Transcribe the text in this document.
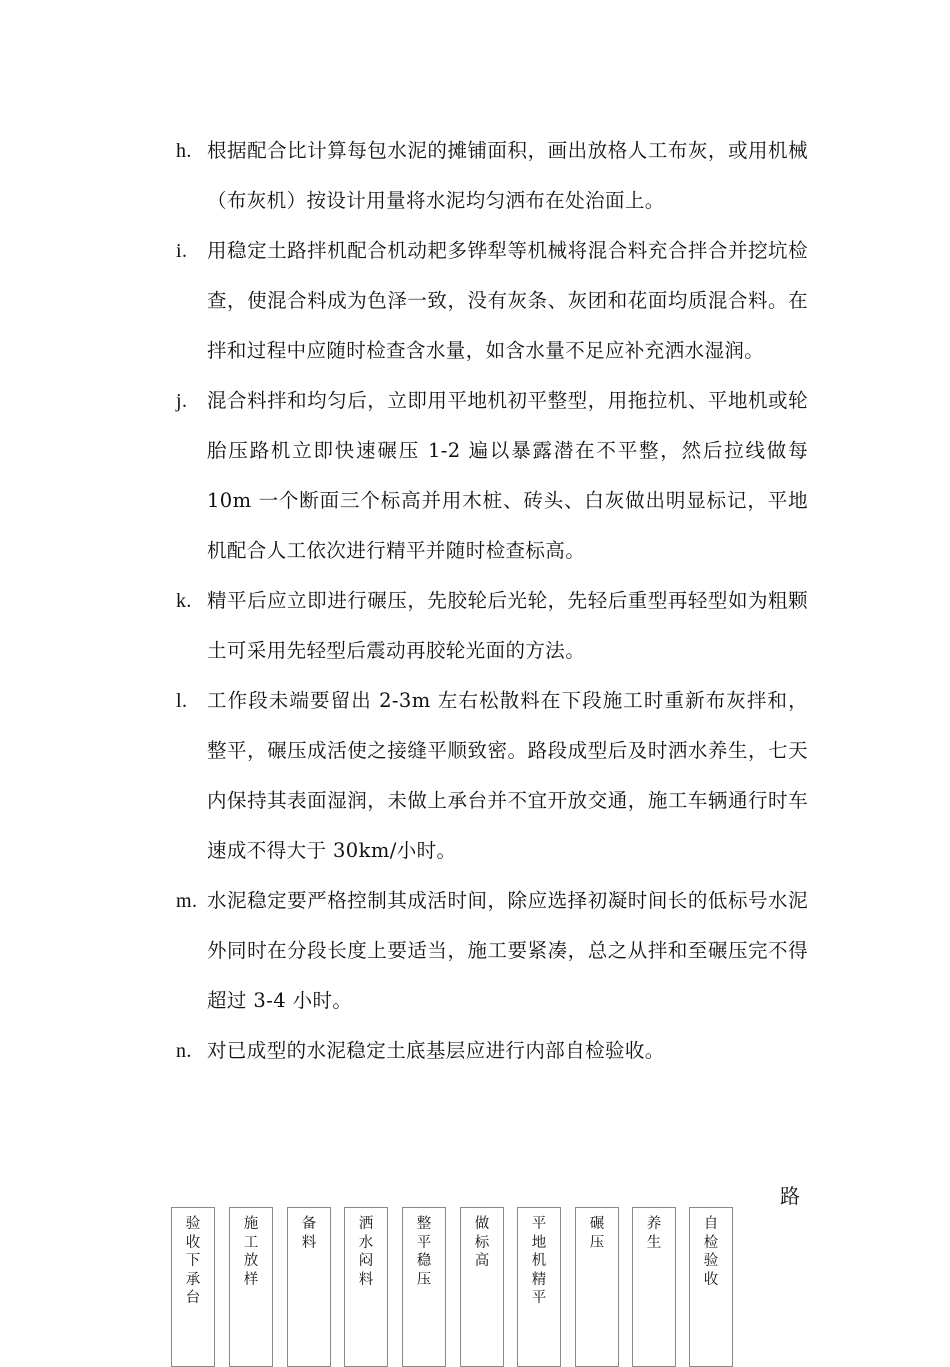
h. 根据配合比计算每包水泥的摊铺面积，画出放格人工布灰，或用机械（布灰机）按设计用量将水泥均匀洒布在处治面上。
i. 用稳定土路拌机配合机动耙多铧犁等机械将混合料充合拌合并挖坑检查，使混合料成为色泽一致，没有灰条、灰团和花面均质混合料。在拌和过程中应随时检查含水量，如含水量不足应补充洒水湿润。
j. 混合料拌和均匀后，立即用平地机初平整型，用拖拉机、平地机或轮胎压路机立即快速碾压 1-2 遍以暴露潜在不平整，然后拉线做每 10m 一个断面三个标高并用木桩、砖头、白灰做出明显标记，平地机配合人工依次进行精平并随时检查标高。
k. 精平后应立即进行碾压，先胶轮后光轮，先轻后重型再轻型如为粗颗土可采用先轻型后震动再胶轮光面的方法。
l. 工作段未端要留出 2-3m 左右松散料在下段施工时重新布灰拌和，整平，碾压成活使之接缝平顺致密。路段成型后及时洒水养生，七天内保持其表面湿润，未做上承台并不宜开放交通，施工车辆通行时车速成不得大于 30km/小时。
m. 水泥稳定要严格控制其成活时间，除应选择初凝时间长的低标号水泥外同时在分段长度上要适当，施工要紧凑，总之从拌和至碾压完不得超过 3-4 小时。
n. 对已成型的水泥稳定土底基层应进行内部自检验收。
路
验收下承台
施工放样
备料
洒水闷料
整平稳压
做标高
平地机精平
碾压
养生
自检验收
